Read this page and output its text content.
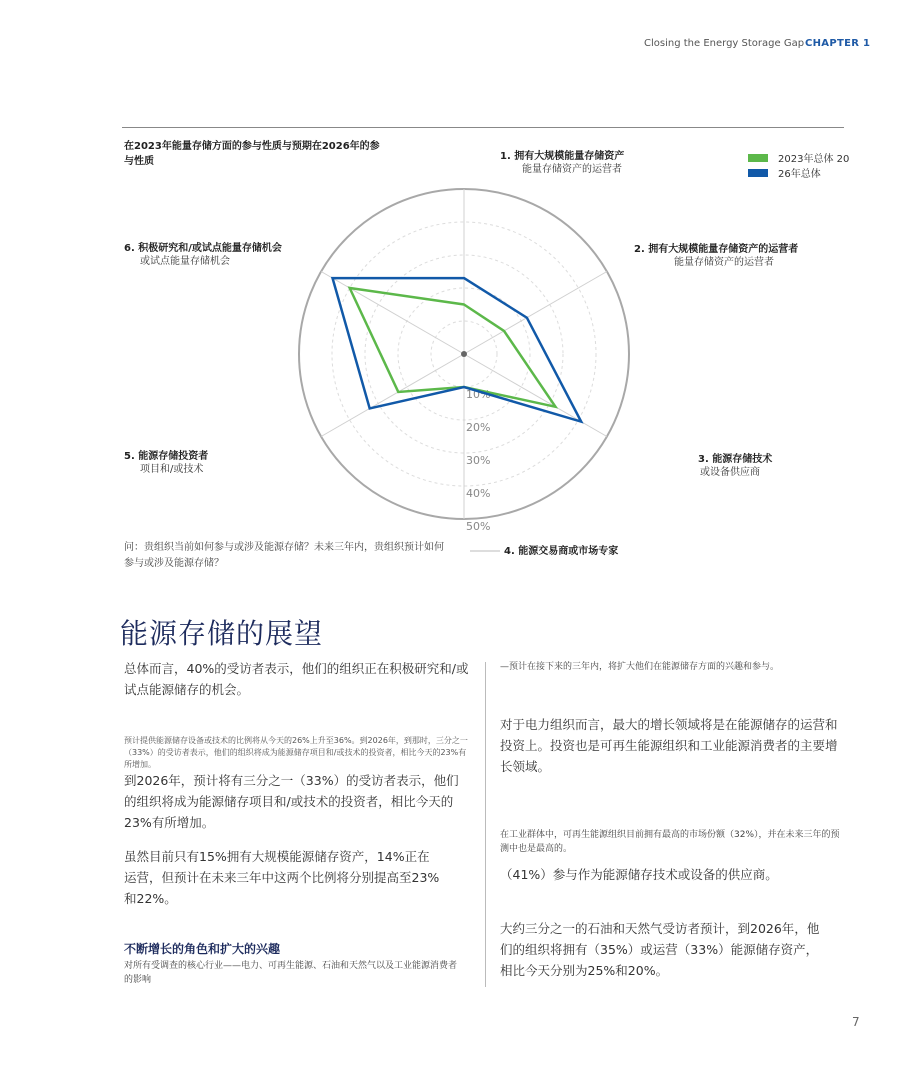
Closing the Energy Storage Gap CHAPTER 1
在2023年能量存储方面的参与性质与预期在2026年的参与性质
10%
20%
30%
40%
50%
2023年总体 20
26年总体
1. 拥有大规模能量存储资产
能量存储资产的运营者
2. 拥有大规模能量存储资产的运营者
能量存储资产的运营者
3. 能源存储技术
或设备供应商
4. 能源交易商或市场专家
5. 能源存储投资者
项目和/或技术
6. 积极研究和/或试点能量存储机会
或试点能量存储机会
问：贵组织当前如何参与或涉及能源存储？未来三年内，贵组织预计如何参与或涉及能源存储？
能源存储的展望
总体而言，40%的受访者表示，他们的组织正在积极研究和/或试点能源储存的机会。
预计提供能源储存设备或技术的比例将从今天的26%上升至36%。到2026年，到那时，三分之一（33%）的受访者表示，他们的组织将成为能源储存项目和/或技术的投资者，相比今天的23%有所增加。
到2026年，预计将有三分之一（33%）的受访者表示，他们的组织将成为能源储存项目和/或技术的投资者，相比今天的23%有所增加。
虽然目前只有15%拥有大规模能源储存资产，14%正在运营，但预计在未来三年中这两个比例将分别提高至23%和22%。
不断增长的角色和扩大的兴趣
对所有受调查的核心行业——电力、可再生能源、石油和天然气以及工业能源消费者的影响
—预计在接下来的三年内，将扩大他们在能源储存方面的兴趣和参与。
对于电力组织而言，最大的增长领域将是在能源储存的运营和投资上。投资也是可再生能源组织和工业能源消费者的主要增长领域。
在工业群体中，可再生能源组织目前拥有最高的市场份额（32%），并在未来三年的预测中也是最高的。
（41%）参与作为能源储存技术或设备的供应商。
大约三分之一的石油和天然气受访者预计，到2026年，他们的组织将拥有（35%）或运营（33%）能源储存资产，相比今天分别为25%和20%。
7
